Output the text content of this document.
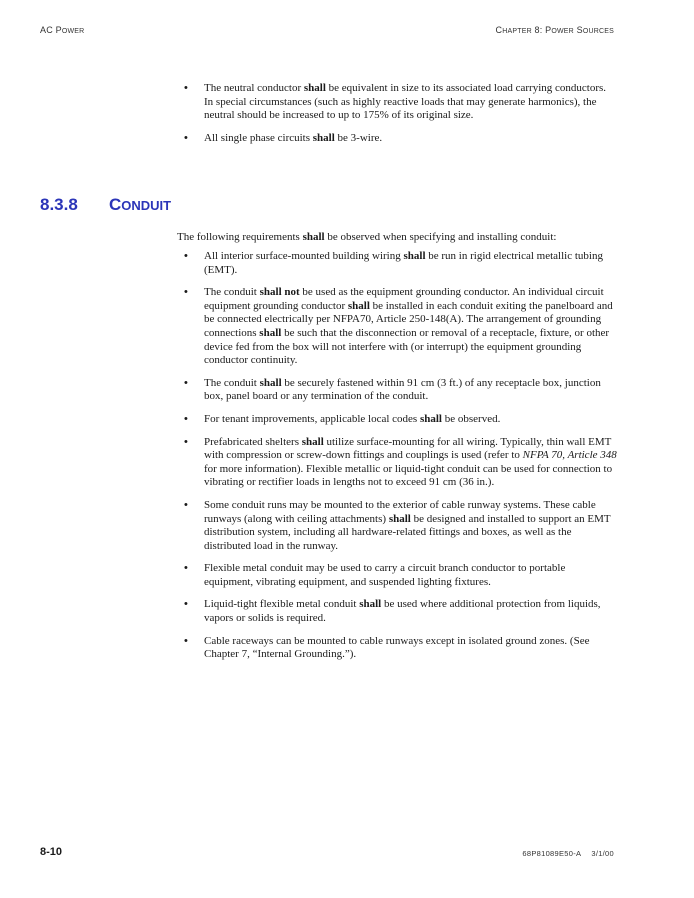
AC POWER	CHAPTER 8: POWER SOURCES
• The neutral conductor shall be equivalent in size to its associated load carrying conductors. In special circumstances (such as highly reactive loads that may generate harmonics), the neutral should be increased to up to 175% of its original size.
• All single phase circuits shall be 3-wire.
8.3.8 CONDUIT
The following requirements shall be observed when specifying and installing conduit:
• All interior surface-mounted building wiring shall be run in rigid electrical metallic tubing (EMT).
• The conduit shall not be used as the equipment grounding conductor. An individual circuit equipment grounding conductor shall be installed in each conduit exiting the panelboard and be connected electrically per NFPA70, Article 250-148(A). The arrangement of grounding connections shall be such that the disconnection or removal of a receptacle, fixture, or other device fed from the box will not interfere with (or interrupt) the equipment grounding conductor continuity.
• The conduit shall be securely fastened within 91 cm (3 ft.) of any receptacle box, junction box, panel board or any termination of the conduit.
• For tenant improvements, applicable local codes shall be observed.
• Prefabricated shelters shall utilize surface-mounting for all wiring. Typically, thin wall EMT with compression or screw-down fittings and couplings is used (refer to NFPA 70, Article 348 for more information). Flexible metallic or liquid-tight conduit can be used for connection to vibrating or rectifier loads in lengths not to exceed 91 cm (36 in.).
• Some conduit runs may be mounted to the exterior of cable runway systems. These cable runways (along with ceiling attachments) shall be designed and installed to support an EMT distribution system, including all hardware-related fittings and boxes, as well as the distributed load in the runway.
• Flexible metal conduit may be used to carry a circuit branch conductor to portable equipment, vibrating equipment, and suspended lighting fixtures.
• Liquid-tight flexible metal conduit shall be used where additional protection from liquids, vapors or solids is required.
• Cable raceways can be mounted to cable runways except in isolated ground zones. (See Chapter 7, “Internal Grounding.”).
8-10	68P81089E50-A 3/1/00
